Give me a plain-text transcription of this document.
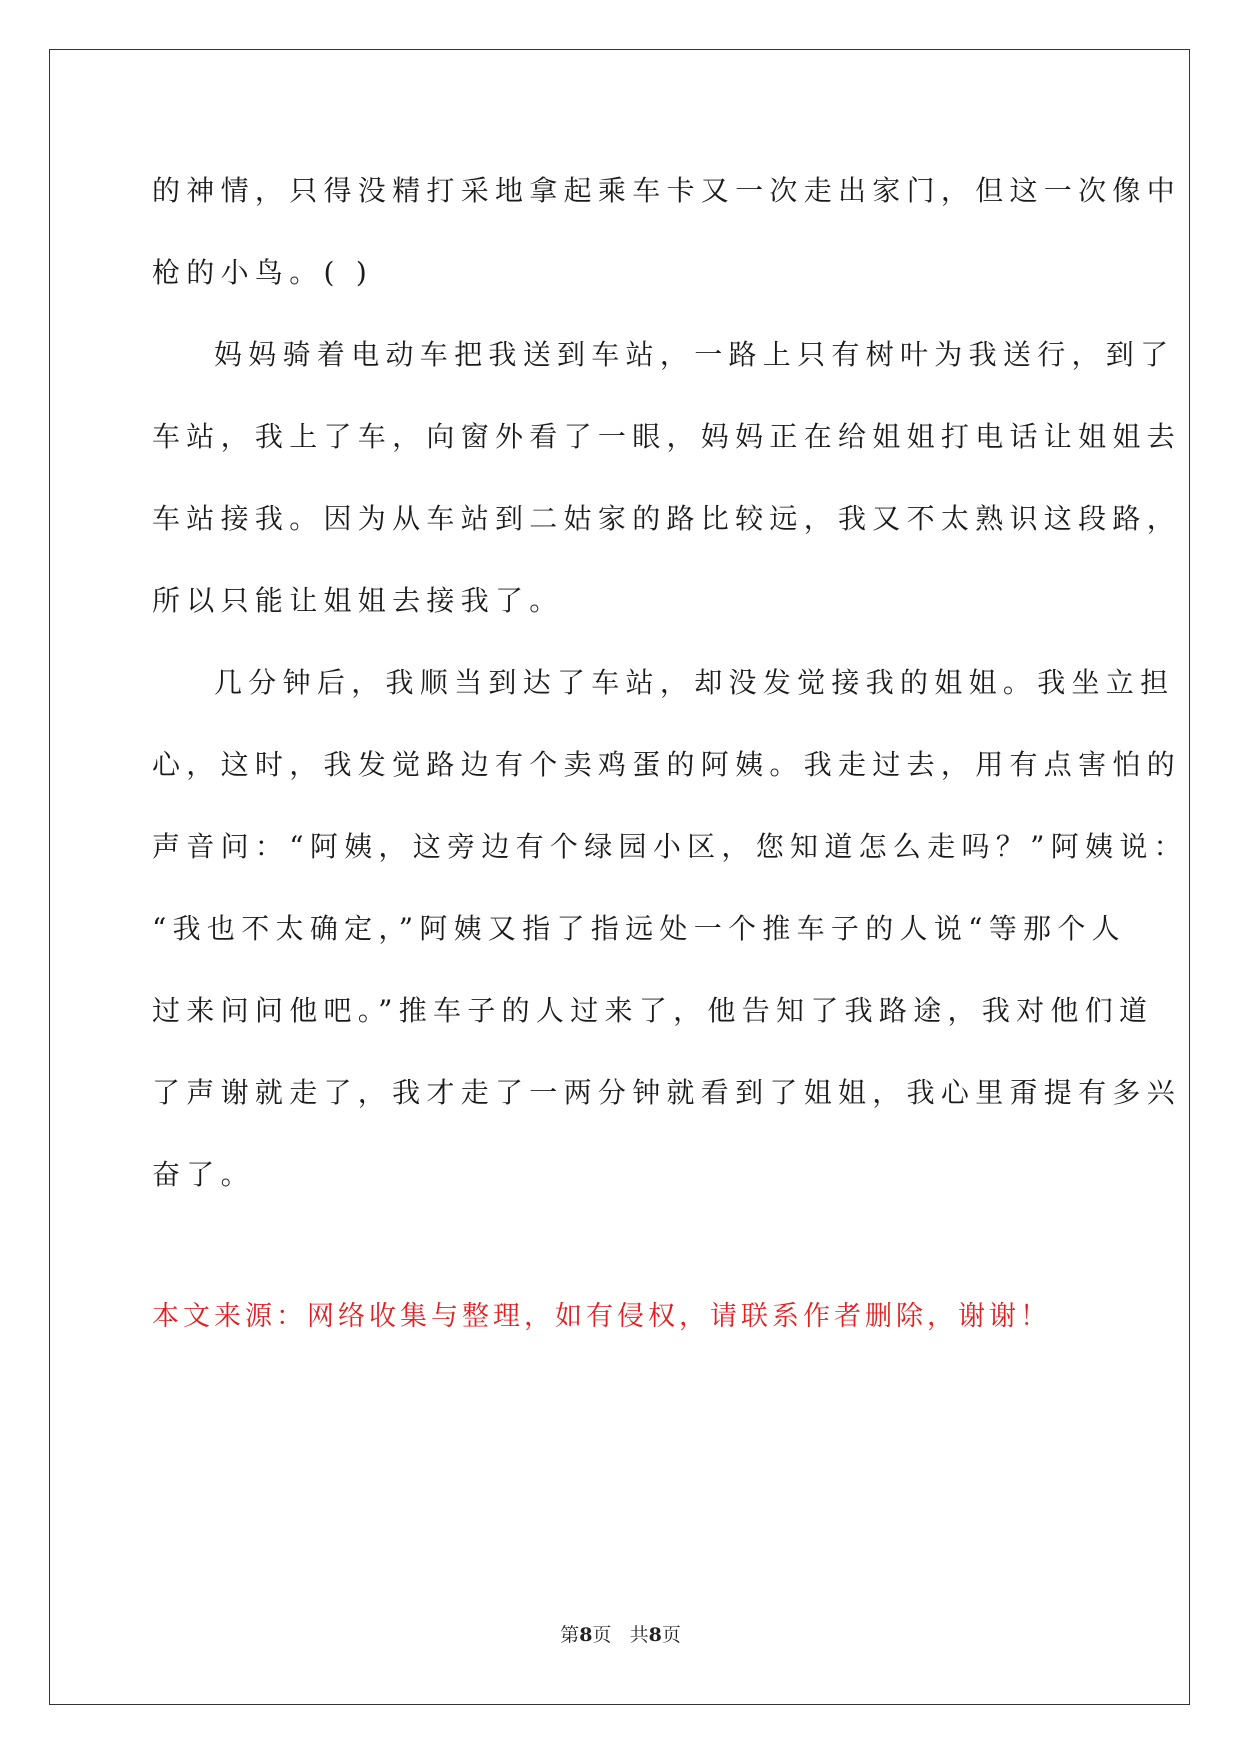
的神情，只得没精打采地拿起乘车卡又一次走出家门，但这一次像中
枪的小鸟。( )
妈妈骑着电动车把我送到车站，一路上只有树叶为我送行，到了
车站，我上了车，向窗外看了一眼，妈妈正在给姐姐打电话让姐姐去
车站接我。因为从车站到二姑家的路比较远，我又不太熟识这段路，
所以只能让姐姐去接我了。
几分钟后，我顺当到达了车站，却没发觉接我的姐姐。我坐立担
心，这时，我发觉路边有个卖鸡蛋的阿姨。我走过去，用有点害怕的
声音问：“阿姨，这旁边有个绿园小区，您知道怎么走吗？”阿姨说：
“我也不太确定，”阿姨又指了指远处一个推车子的人说“等那个人
过来问问他吧。”推车子的人过来了，他告知了我路途，我对他们道
了声谢就走了，我才走了一两分钟就看到了姐姐，我心里甭提有多兴
奋了。
本文来源：网络收集与整理，如有侵权，请联系作者删除，谢谢！
第8页 共8页
